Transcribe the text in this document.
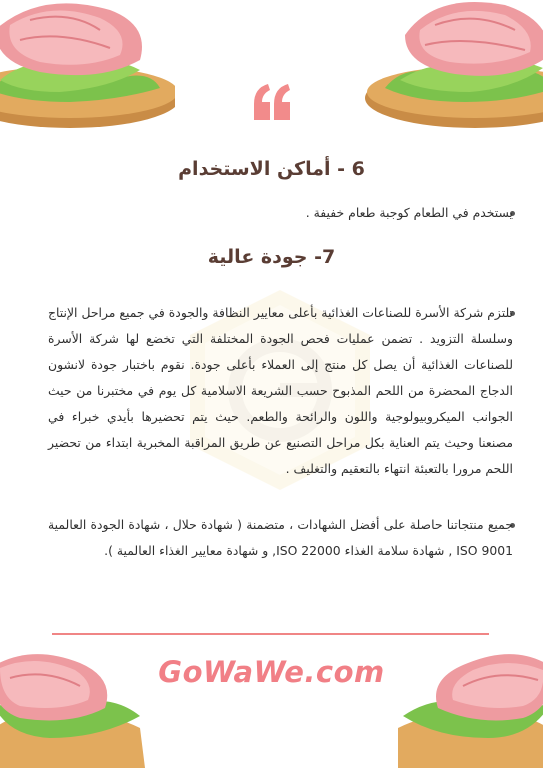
6 - أماكن الاستخدام

يستخدم في الطعام كوجبة طعام خفيفة .

7- جودة عالية

تلتزم شركة الأسرة للصناعات الغذائية بأعلى معايير النظافة والجودة في جميع مراحل الإنتاج وسلسلة التزويد . تضمن عمليات فحص الجودة المختلفة التي تخضع لها شركة الأسرة للصناعات الغذائية أن يصل كل منتج إلى العملاء بأعلى جودة. نقوم باختبار جودة لانشون الدجاج المحضرة من اللحم المذبوح حسب الشريعة الاسلامية كل يوم في مختبرنا من حيث الجوانب الميكروبيولوجية واللون والرائحة والطعم. حيث يتم تحضيرها بأيدي خبراء في مصنعنا وحيث يتم العناية بكل مراحل التصنيع عن طريق المراقبة المخبرية ابتداء من تحضير اللحم مرورا بالتعبئة انتهاء بالتعقيم والتغليف .

جميع منتجاتنا حاصلة على أفضل الشهادات ، متضمنة ( شهادة حلال ، شهادة الجودة العالمية ISO 9001 , شهادة سلامة الغذاء ISO 22000, و شهادة معايير الغذاء العالمية ).

GoWaWe.com
